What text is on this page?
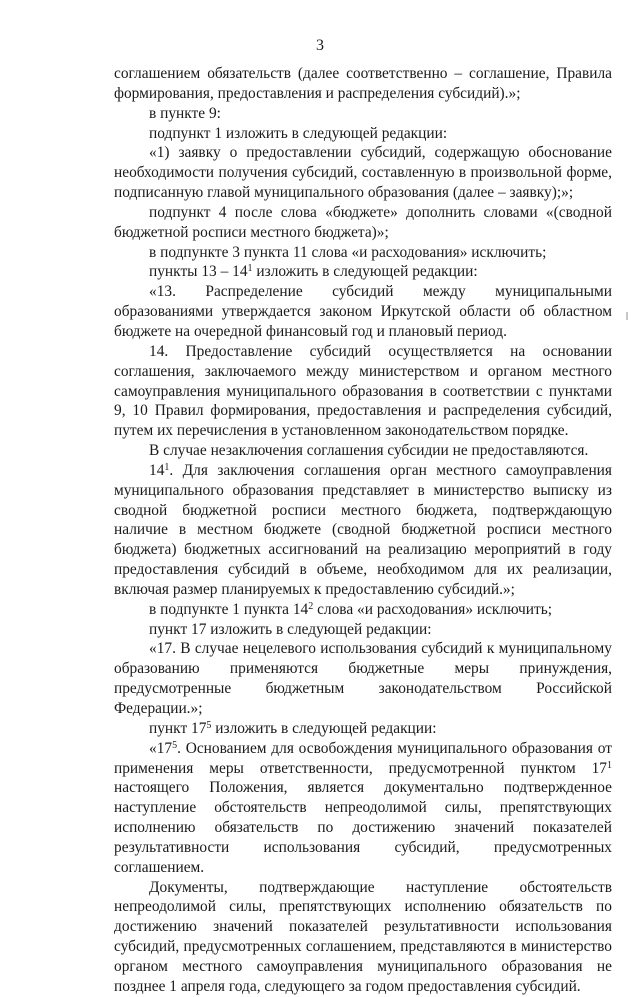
3

соглашением обязательств (далее соответственно – соглашение, Правила формирования, предоставления и распределения субсидий).»;

в пункте 9:

подпункт 1 изложить в следующей редакции:

«1) заявку о предоставлении субсидий, содержащую обоснование необходимости получения субсидий, составленную в произвольной форме, подписанную главой муниципального образования (далее – заявку);»;

подпункт 4 после слова «бюджете» дополнить словами «(сводной бюджетной росписи местного бюджета)»;

в подпункте 3 пункта 11 слова «и расходования» исключить;

пункты $13 - 14^1$ изложить в следующей редакции:

«13. Распределение субсидий между муниципальными образованиями утверждается законом Иркутской области об областном бюджете на очередной финансовый год и плановый период.

14. Предоставление субсидий осуществляется на основании соглашения, заключаемого между министерством и органом местного самоуправления муниципального образования в соответствии с пунктами 9, 10 Правил формирования, предоставления и распределения субсидий, путем их перечисления в установленном законодательством порядке.

В случае незаключения соглашения субсидии не предоставляются.

$14^1$. Для заключения соглашения орган местного самоуправления муниципального образования представляет в министерство выписку из сводной бюджетной росписи местного бюджета, подтверждающую наличие в местном бюджете (сводной бюджетной росписи местного бюджета) бюджетных ассигнований на реализацию мероприятий в году предоставления субсидий в объеме, необходимом для их реализации, включая размер планируемых к предоставлению субсидий.»;

в подпункте 1 пункта $14^2$ слова «и расходования» исключить;

пункт 17 изложить в следующей редакции:

«17. В случае нецелевого использования субсидий к муниципальному образованию применяются бюджетные меры принуждения, предусмотренные бюджетным законодательством Российской Федерации.»;

пункт $17^5$ изложить в следующей редакции:

«$17^5$. Основанием для освобождения муниципального образования от применения меры ответственности, предусмотренной пунктом $17^1$ настоящего Положения, является документально подтвержденное наступление обстоятельств непреодолимой силы, препятствующих исполнению обязательств по достижению значений показателей результативности использования субсидий, предусмотренных соглашением.

Документы, подтверждающие наступление обстоятельств непреодолимой силы, препятствующих исполнению обязательств по достижению значений показателей результативности использования субсидий, предусмотренных соглашением, представляются в министерство органом местного самоуправления муниципального образования не позднее 1 апреля года, следующего за годом предоставления субсидий.
